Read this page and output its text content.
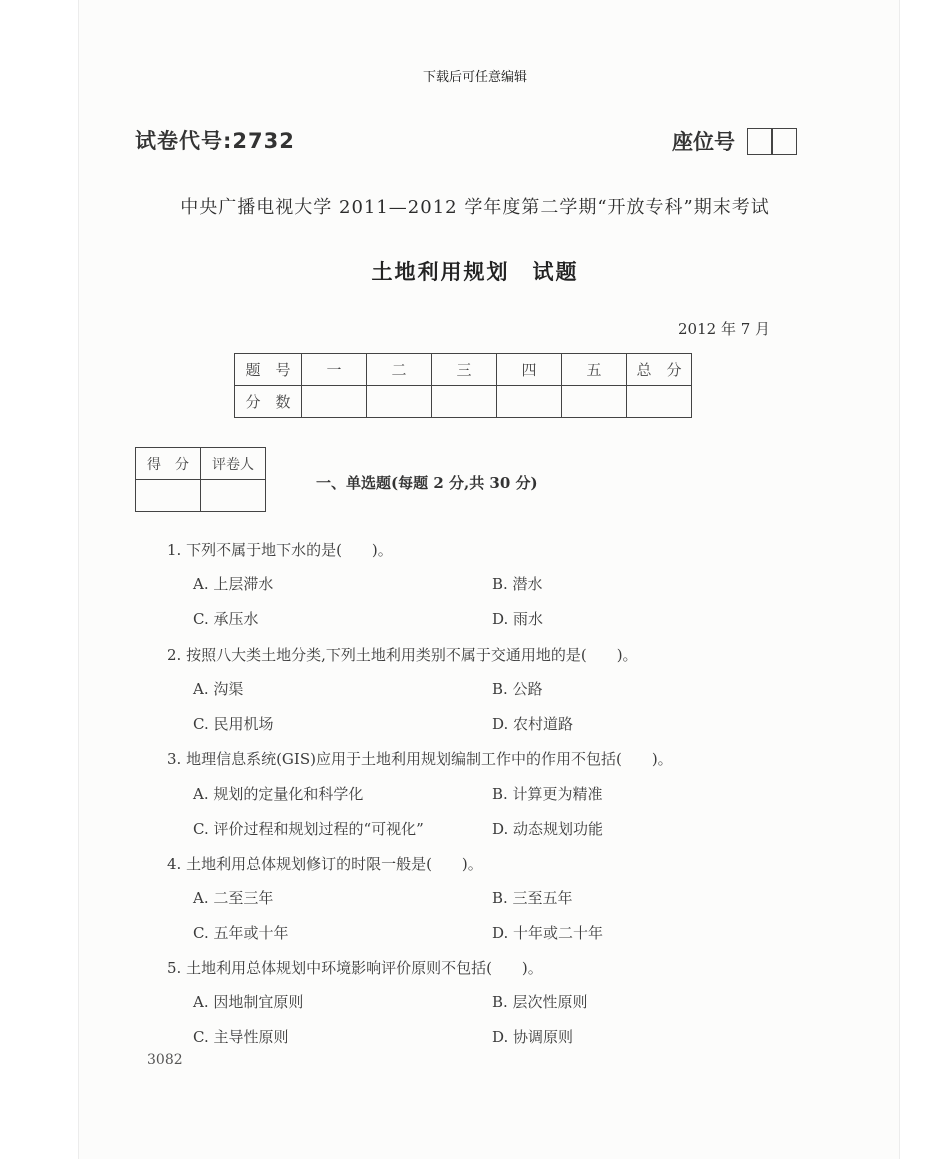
下载后可任意编辑
试卷代号:2732	座位号
中央广播电视大学 2011—2012 学年度第二学期“开放专科”期末考试
土地利用规划　试题
2012 年 7 月
题　号	一	二	三	四	五	总　分
分　数						
得　分	评卷人

一、单选题(每题 2 分,共 30 分)
1. 下列不属于地下水的是(　　)。
A. 上层滞水	B. 潜水
C. 承压水	D. 雨水
2. 按照八大类土地分类,下列土地利用类别不属于交通用地的是(　　)。
A. 沟渠	B. 公路
C. 民用机场	D. 农村道路
3. 地理信息系统(GIS)应用于土地利用规划编制工作中的作用不包括(　　)。
A. 规划的定量化和科学化	B. 计算更为精准
C. 评价过程和规划过程的“可视化”	D. 动态规划功能
4. 土地利用总体规划修订的时限一般是(　　)。
A. 二至三年	B. 三至五年
C. 五年或十年	D. 十年或二十年
5. 土地利用总体规划中环境影响评价原则不包括(　　)。
A. 因地制宜原则	B. 层次性原则
C. 主导性原则	D. 协调原则
3082
